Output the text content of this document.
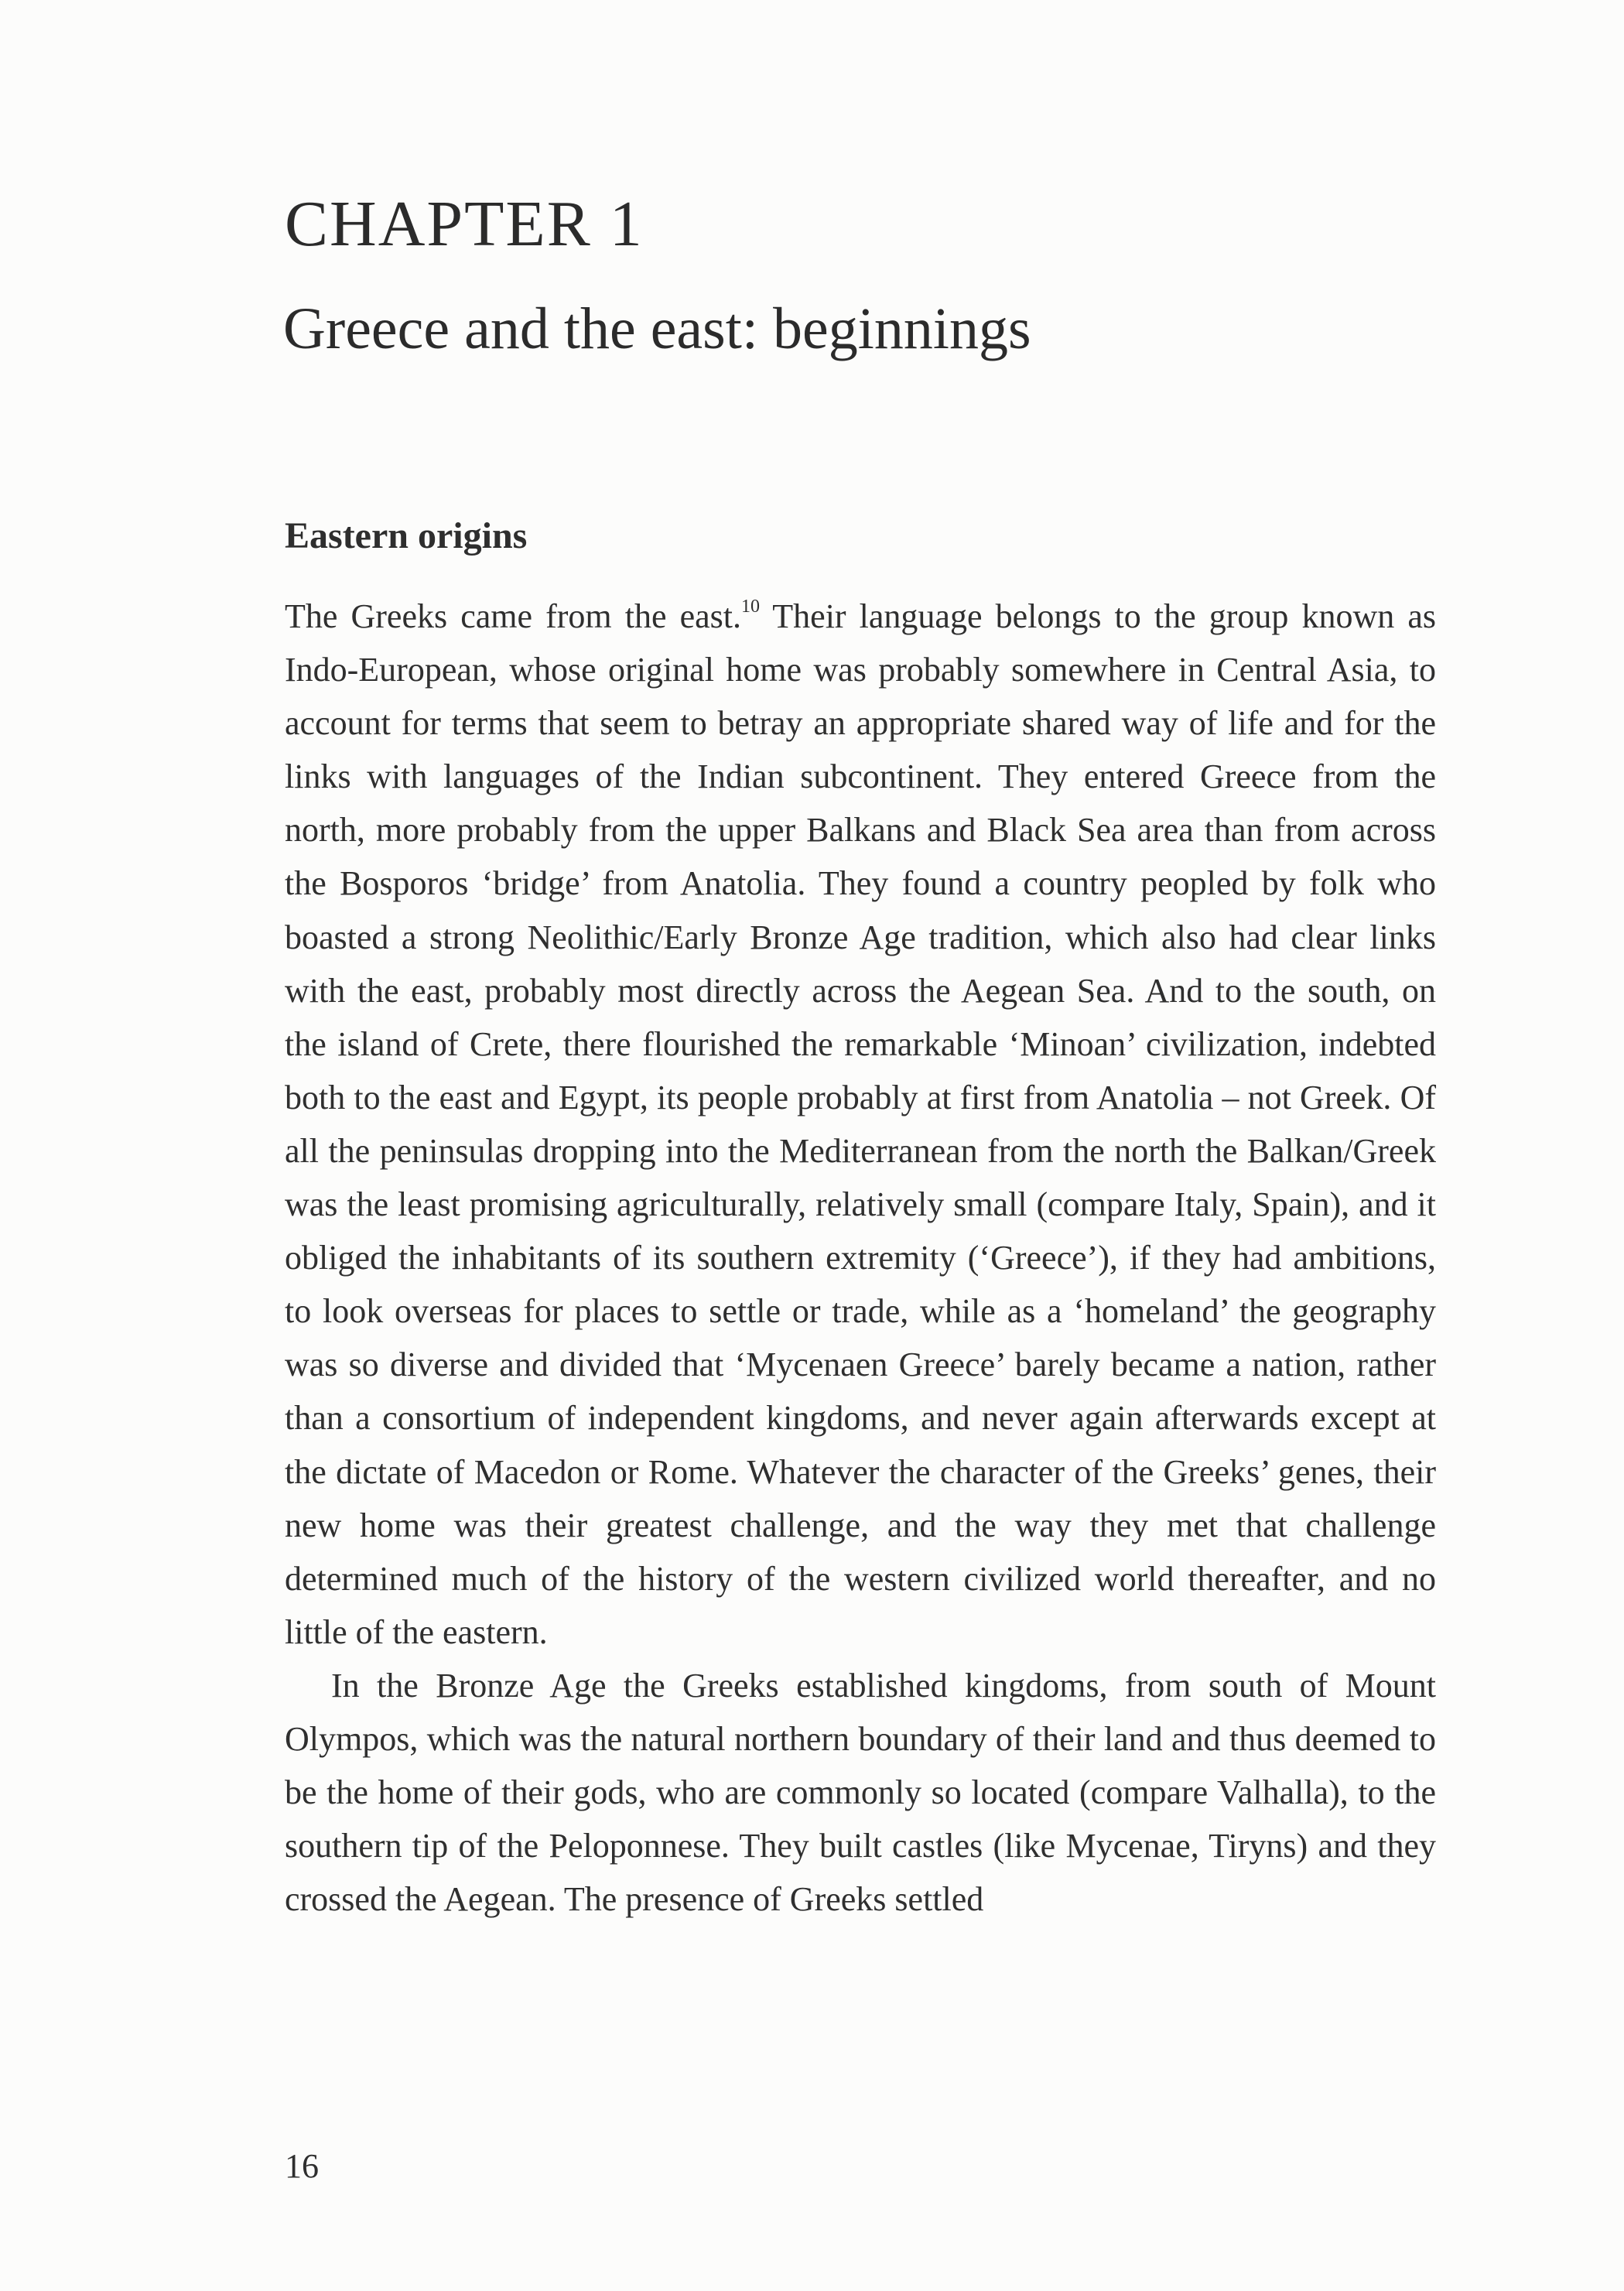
CHAPTER 1
Greece and the east: beginnings
Eastern origins

The Greeks came from the east.$^{10}$ Their language belongs to the group known as Indo-European, whose original home was probably somewhere in Central Asia, to account for terms that seem to betray an appropriate shared way of life and for the links with languages of the Indian subcontinent. They entered Greece from the north, more probably from the upper Balkans and Black Sea area than from across the Bosporos ‘bridge’ from Anatolia. They found a country peopled by folk who boasted a strong Neolithic/Early Bronze Age tradition, which also had clear links with the east, probably most directly across the Aegean Sea. And to the south, on the island of Crete, there flourished the remarkable ‘Minoan’ civilization, indebted both to the east and Egypt, its people probably at first from Anatolia – not Greek. Of all the peninsulas dropping into the Mediterranean from the north the Balkan/Greek was the least promising agriculturally, relatively small (compare Italy, Spain), and it obliged the inhabitants of its southern extremity (‘Greece’), if they had ambitions, to look overseas for places to settle or trade, while as a ‘homeland’ the geography was so diverse and divided that ‘Mycenaen Greece’ barely became a nation, rather than a consortium of independent kingdoms, and never again afterwards except at the dictate of Macedon or Rome. Whatever the character of the Greeks’ genes, their new home was their greatest challenge, and the way they met that challenge determined much of the history of the western civilized world thereafter, and no little of the eastern.

In the Bronze Age the Greeks established kingdoms, from south of Mount Olympos, which was the natural northern boundary of their land and thus deemed to be the home of their gods, who are commonly so located (compare Valhalla), to the southern tip of the Peloponnese. They built castles (like Mycenae, Tiryns) and they crossed the Aegean. The presence of Greeks settled

16
